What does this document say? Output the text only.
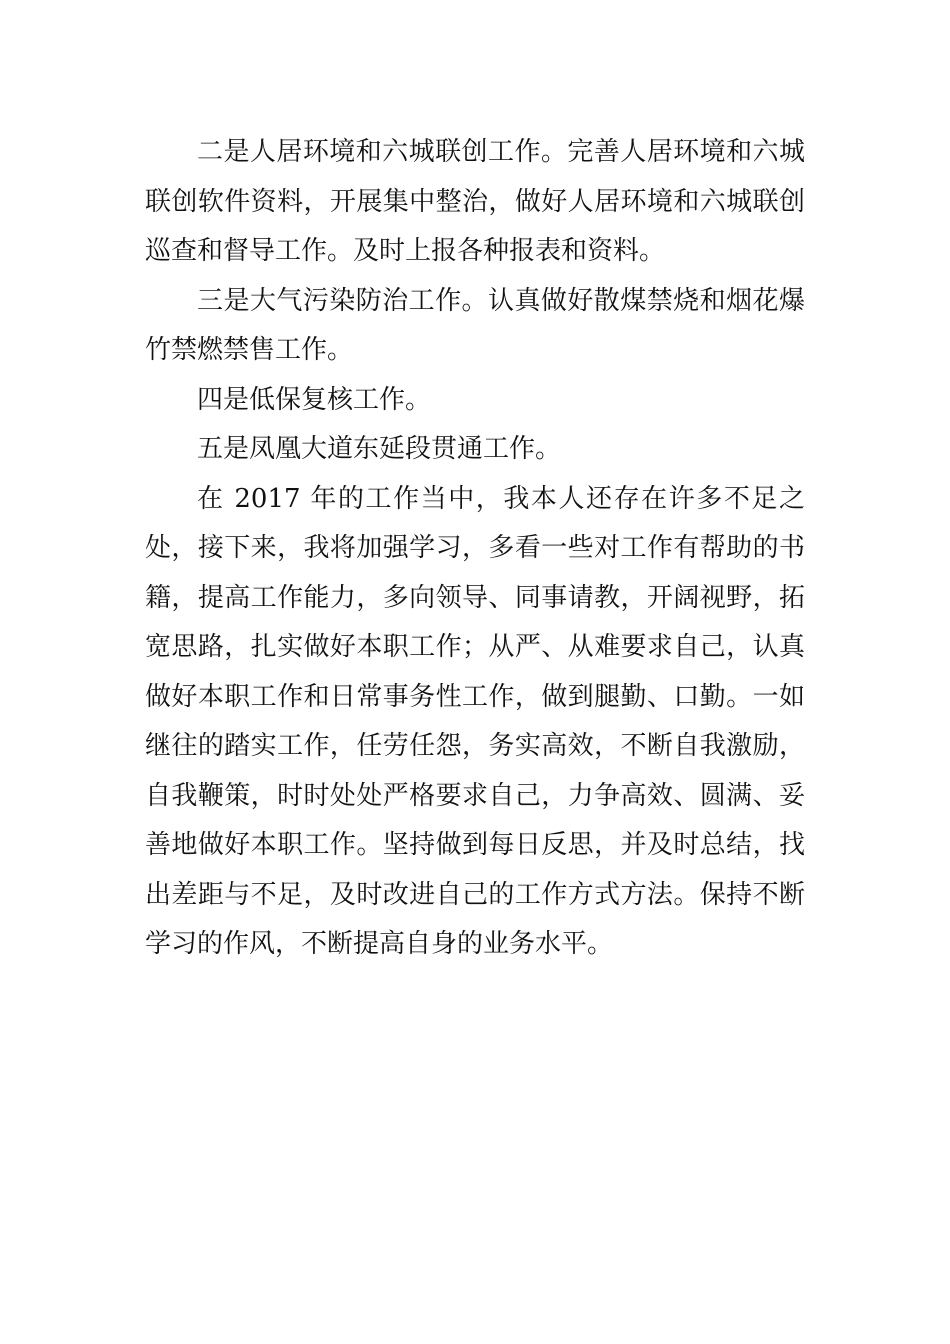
二是人居环境和六城联创工作。完善人居环境和六城联创软件资料，开展集中整治，做好人居环境和六城联创巡查和督导工作。及时上报各种报表和资料。

三是大气污染防治工作。认真做好散煤禁烧和烟花爆竹禁燃禁售工作。

四是低保复核工作。

五是凤凰大道东延段贯通工作。

在 2017 年的工作当中，我本人还存在许多不足之处，接下来，我将加强学习，多看一些对工作有帮助的书籍，提高工作能力，多向领导、同事请教，开阔视野，拓宽思路，扎实做好本职工作；从严、从难要求自己，认真做好本职工作和日常事务性工作，做到腿勤、口勤。一如继往的踏实工作，任劳任怨，务实高效，不断自我激励，自我鞭策，时时处处严格要求自己，力争高效、圆满、妥善地做好本职工作。坚持做到每日反思，并及时总结，找出差距与不足，及时改进自己的工作方式方法。保持不断学习的作风，不断提高自身的业务水平。
